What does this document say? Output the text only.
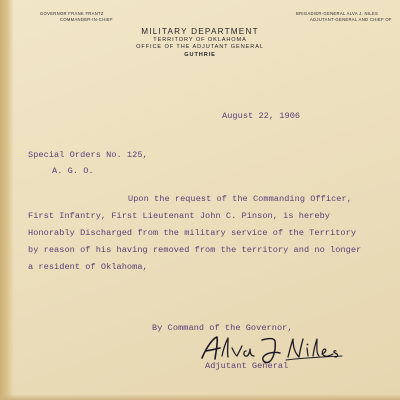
GOVERNOR FRANK FRANTZ
COMMANDER-IN-CHIEF
BRIGADIER-GENERAL ALVA J. NILES
ADJUTANT-GENERAL AND CHIEF OF
MILITARY DEPARTMENT
TERRITORY OF OKLAHOMA
OFFICE OF THE ADJUTANT GENERAL
GUTHRIE
August 22, 1906
Special Orders No. 125,
A. G. O.
Upon the request of the Commanding Officer,
First Infantry, First Lieutenant John C. Pinson, is hereby
Honorably Discharged from the military service of the Territory
by reason of his having removed from the territory and no longer
a resident of Oklahoma,
By Command of the Governor,
Adjutant General
